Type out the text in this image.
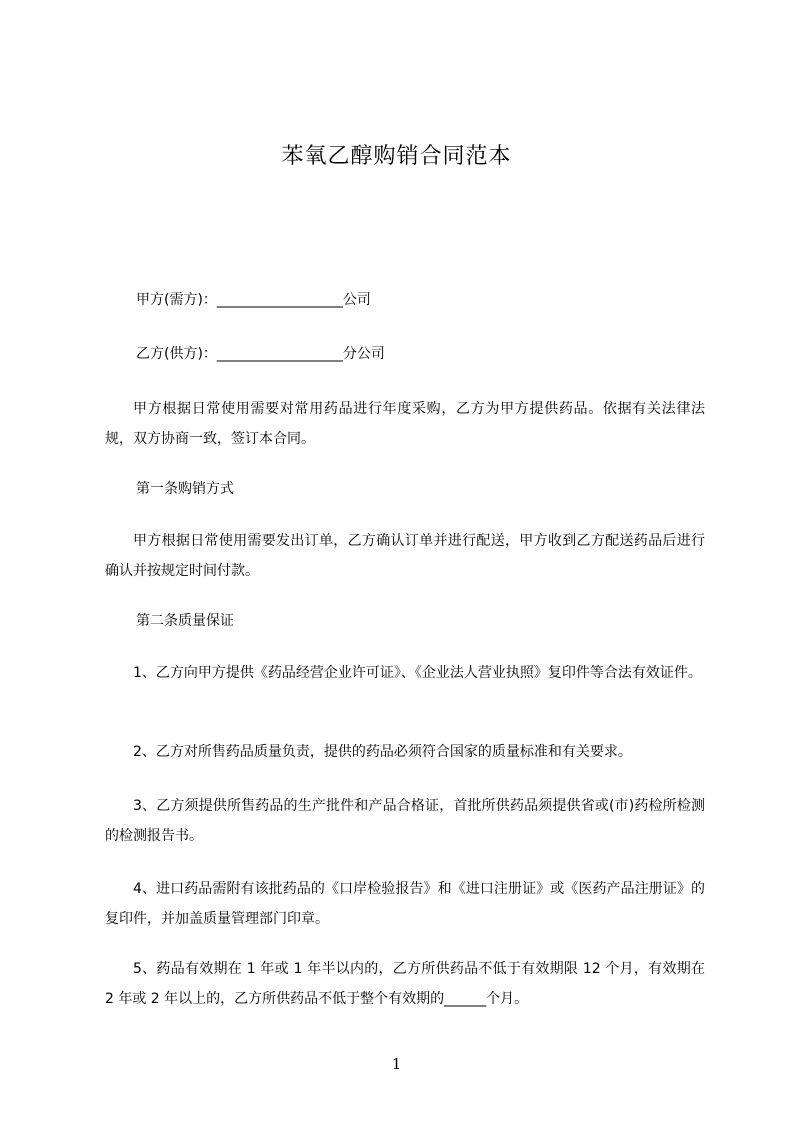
苯氧乙醇购销合同范本
甲方(需方)：__________________公司
乙方(供方)：__________________分公司
甲方根据日常使用需要对常用药品进行年度采购，乙方为甲方提供药品。依据有关法律法规，双方协商一致，签订本合同。
第一条购销方式
甲方根据日常使用需要发出订单，乙方确认订单并进行配送，甲方收到乙方配送药品后进行确认并按规定时间付款。
第二条质量保证
1、乙方向甲方提供《药品经营企业许可证》、《企业法人营业执照》复印件等合法有效证件。
2、乙方对所售药品质量负责，提供的药品必须符合国家的质量标准和有关要求。
3、乙方须提供所售药品的生产批件和产品合格证，首批所供药品须提供省或(市)药检所检测的检测报告书。
4、进口药品需附有该批药品的《口岸检验报告》和《进口注册证》或《医药产品注册证》的复印件，并加盖质量管理部门印章。
5、药品有效期在 1 年或 1 年半以内的，乙方所供药品不低于有效期限 12 个月，有效期在 2 年或 2 年以上的，乙方所供药品不低于整个有效期的______个月。
1
